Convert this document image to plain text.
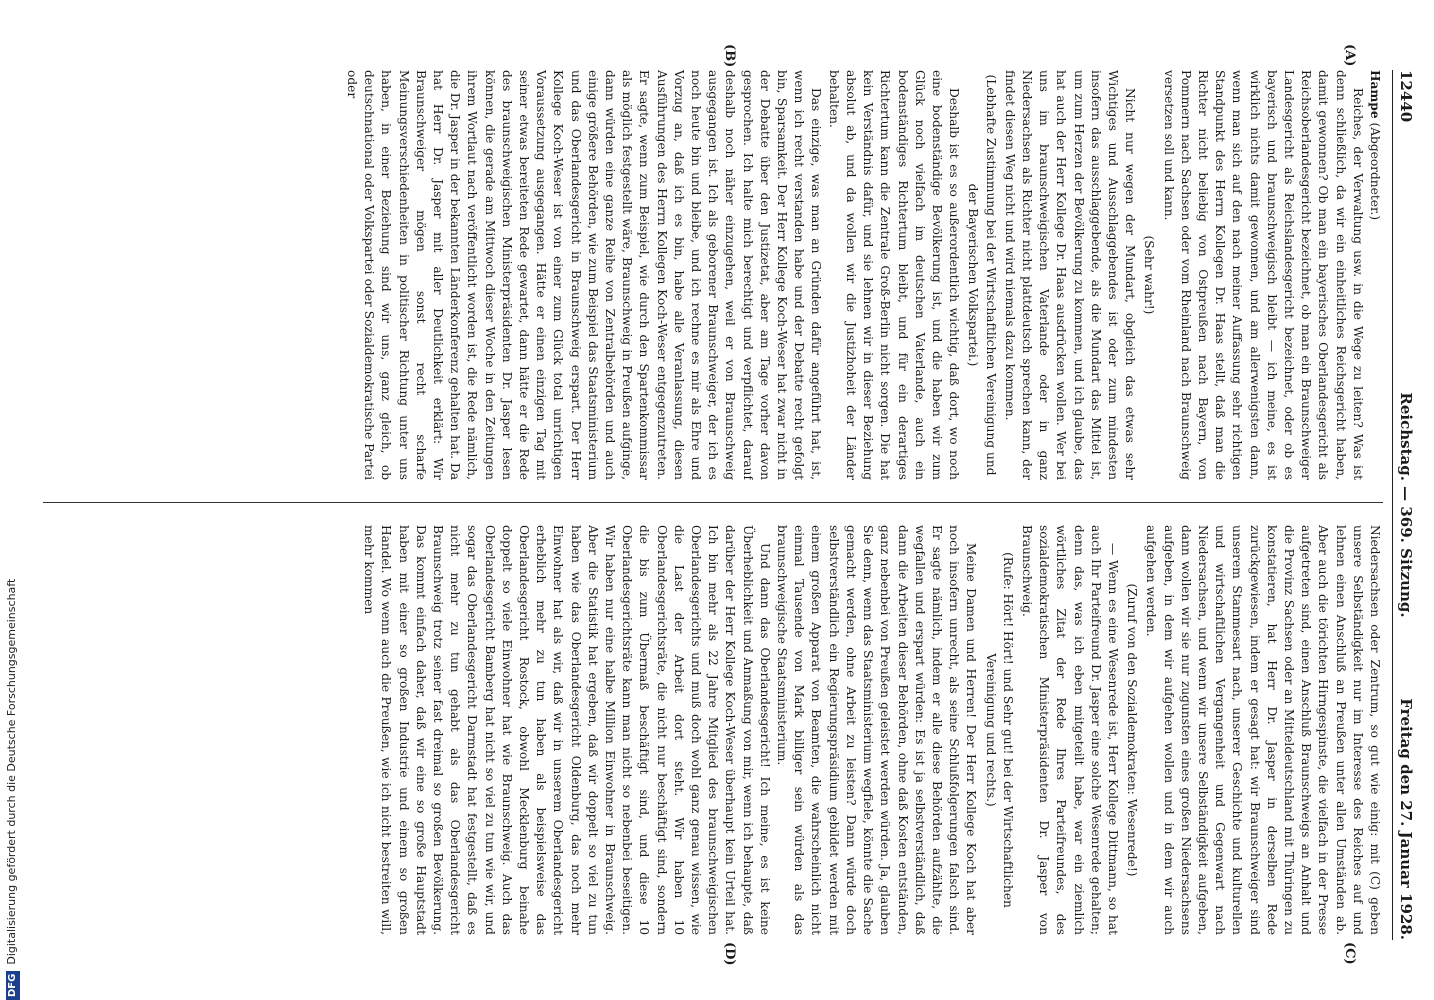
12440
Reichstag. — 369. Sitzung.
Freitag den 27. Januar 1928.

Hampe (Abgeordneter.)

Reiches, der Verwaltung usw. in die Wege zu leiten? Was ist denn schließlich, da wir ein einheitliches Reichsgericht haben, damit gewonnen? Ob man ein bayerisches Oberlandesgericht als Reichsoberlandesgericht bezeichnet, ob man ein Braunschweiger Landesgericht als Reichslandesgericht bezeichnet, oder ob es bayerisch und braunschweigisch bleibt — ich meine, es ist wirklich nichts damit gewonnen, und am allerwenigsten dann, wenn man sich auf den nach meiner Auffassung sehr richtigen Standpunkt des Herrn Kollegen Dr. Haas stellt, daß man die Richter nicht beliebig von Ostpreußen nach Bayern, von Pommern nach Sachsen oder vom Rheinland nach Braunschweig versetzen soll und kann.

(Sehr wahr!)

Nicht nur wegen der Mundart, obgleich das etwas sehr Wichtiges und Ausschlaggebendes ist oder zum mindesten insofern das ausschlaggebende, als die Mundart das Mittel ist, um zum Herzen der Bevölkerung zu kommen, und ich glaube, das hat auch der Herr Kollege Dr. Haas ausdrücken wollen. Wer bei uns im braunschweigischen Vaterlande oder in ganz Niedersachsen als Richter nicht plattdeutsch sprechen kann, der findet diesen Weg nicht und wird niemals dazu kommen.

(Lebhafte Zustimmung bei der Wirtschaftlichen Vereinigung und der Bayerischen Volkspartei.)

Deshalb ist es so außerordentlich wichtig, daß dort, wo noch eine bodenständige Bevölkerung ist, und die haben wir zum Glück noch vielfach im deutschen Vaterlande, auch ein bodenständiges Richtertum bleibt, und für ein derartiges Richtertum kann die Zentrale Groß-Berlin nicht sorgen. Die hat kein Verständnis dafür, und sie lehnen wir in dieser Beziehung absolut ab, und da wollen wir die Justizhoheit der Länder behalten.

Das einzige, was man an Gründen dafür angeführt hat, ist, wenn ich recht verstanden habe und der Debatte recht gefolgt bin, Sparsamkeit. Der Herr Kollege Koch-Weser hat zwar nicht in der Debatte über den Justizetat, aber am Tage vorher davon gesprochen. Ich halte mich berechtigt und verpflichtet, darauf deshalb noch näher einzugehen, weil er von Braunschweig ausgegangen ist. Ich als geborener Braunschweiger, der ich es noch heute bin und bleibe, und ich rechne es mir als Ehre und Vorzug an, daß ich es bin, habe alle Veranlassung, diesen Ausführungen des Herrn Kollegen Koch-Weser entgegenzutreten. Er sagte, wenn zum Beispiel, wie durch den Spartenkommissar als möglich festgestellt wäre, Braunschweig in Preußen aufginge, dann würden eine ganze Reihe von Zentralbehörden und auch einige größere Behörden, wie zum Beispiel das Staatsministerium und das Oberlandesgericht in Braunschweig erspart. Der Herr Kollege Koch-Weser ist von einer zum Glück total unrichtigen Voraussetzung ausgegangen. Hätte er einen einzigen Tag mit seiner etwas bereiteten Rede gewartet, dann hätte er die Rede des braunschweigischen Ministerpräsidenten Dr. Jasper lesen können, die gerade am Mittwoch dieser Woche in den Zeitungen ihrem Wortlaut nach veröffentlicht worden ist, die Rede nämlich, die Dr. Jasper in der bekannten Länderkonferenz gehalten hat. Da hat Herr Dr. Jasper mit aller Deutlichkeit erklärt: Wir Braunschweiger mögen sonst recht scharfe Meinungsverschiedenheiten in politischer Richtung unter uns haben, in einer Beziehung sind wir uns, ganz gleich, ob deutschnational oder Volkspartei oder Sozialdemokratische Partei oder

Niedersachsen oder Zentrum, so gut wie einig: mit (C) geben unsere Selbständigkeit nur im Interesse des Reiches auf und lehnen einen Anschluß an Preußen unter allen Umständen ab. Aber auch die törichten Hirngespinste, die vielfach in der Presse aufgetreten sind, einen Anschluß Braunschweigs an Anhalt und die Provinz Sachsen oder an Mitteldeutschland mit Thüringen zu konstatieren, hat Herr Dr. Jasper in derselben Rede zurückgewiesen, indem er gesagt hat: wir Braunschweiger sind unserem Stammesart nach, unserer Geschichte und kulturellen und wirtschaftlichen Vergangenheit und Gegenwart nach Niedersachsen, und wenn wir unsere Selbständigkeit aufgeben, dann wollen wir sie nur zugunsten eines großen Niedersachsens aufgeben, in dem wir aufgehen wollen und in dem wir auch aufgehen werden.

(Zuruf von den Sozialdemokraten: Wesenrede!)

— Wenn es eine Wesenrede ist, Herr Kollege Dittmann, so hat auch Ihr Parteifreund Dr. Jasper eine solche Wesenrede gehalten; denn das, was ich eben mitgeteilt habe, war ein ziemlich wörtliches Zitat der Rede Ihres Parteifreundes, des sozialdemokratischen Ministerpräsidenten Dr. Jasper von Braunschweig.

(Rufe: Hört! Hört! und Sehr gut! bei der Wirtschaftlichen Vereinigung und rechts.)

Meine Damen und Herren! Der Herr Kollege Koch hat aber noch insofern unrecht, als seine Schlußfolgerungen falsch sind. Er sagte nämlich, indem er alle diese Behörden aufzählte, die wegfallen und erspart würden: Es ist ja selbstverständlich, daß dann die Arbeiten dieser Behörden, ohne daß Kosten entständen, ganz nebenbei von Preußen geleistet werden würden. Ja, glauben Sie denn, wenn das Staatsministerium wegfiele, könnte die Sache gemacht werden, ohne Arbeit zu leisten? Dann würde doch selbstverständlich ein Regierungspräsidium gebildet werden mit einem großen Apparat von Beamten, die wahrscheinlich nicht einmal Tausende von Mark billiger sein würden als das braunschweigische Staatsministerium.

Und dann das Oberlandesgericht! Ich meine, es ist keine Überheblichkeit und Anmaßung von mir, wenn ich behaupte, daß darüber der Herr Kollege Koch-Weser überhaupt kein Urteil hat. Ich bin mehr als 22 Jahre Mitglied des braunschweigischen Oberlandesgerichts und muß doch wohl ganz genau wissen, wie die Last der Arbeit dort steht. Wir haben 10 Oberlandesgerichtsräte, die nicht nur beschäftigt sind, sondern die bis zum Übermaß beschäftigt sind, und diese 10 Oberlandesgerichtsräte kann man nicht so nebenbei beseitigen. Wir haben nur eine halbe Million Einwohner in Braunschweig. Aber die Statistik hat ergeben, daß wir doppelt so viel zu tun haben wie das Oberlandesgericht Oldenburg, das noch mehr Einwohner hat als wir, daß wir in unserem Oberlandesgericht erheblich mehr zu tun haben als beispielsweise das Oberlandesgericht Rostock, obwohl Mecklenburg beinahe doppelt so viele Einwohner hat wie Braunschweig. Auch das Oberlandesgericht Bamberg hat nicht so viel zu tun wie wir, und sogar das Oberlandesgericht Darmstadt hat festgestellt, daß es nicht mehr zu tun gehabt als das Oberlandesgericht Braunschweig trotz seiner fast dreimal so großen Bevölkerung. Das kommt einfach daher, daß wir eine so große Hauptstadt haben mit einer so großen Industrie und einem so großen Handel. Wo wenn auch die Preußen, wie ich nicht bestreiten will, mehr kommen

(A)
(B)
(C)
(D)
DFGDigitalisierung gefördert durch die Deutsche Forschungsgemeinschaft
